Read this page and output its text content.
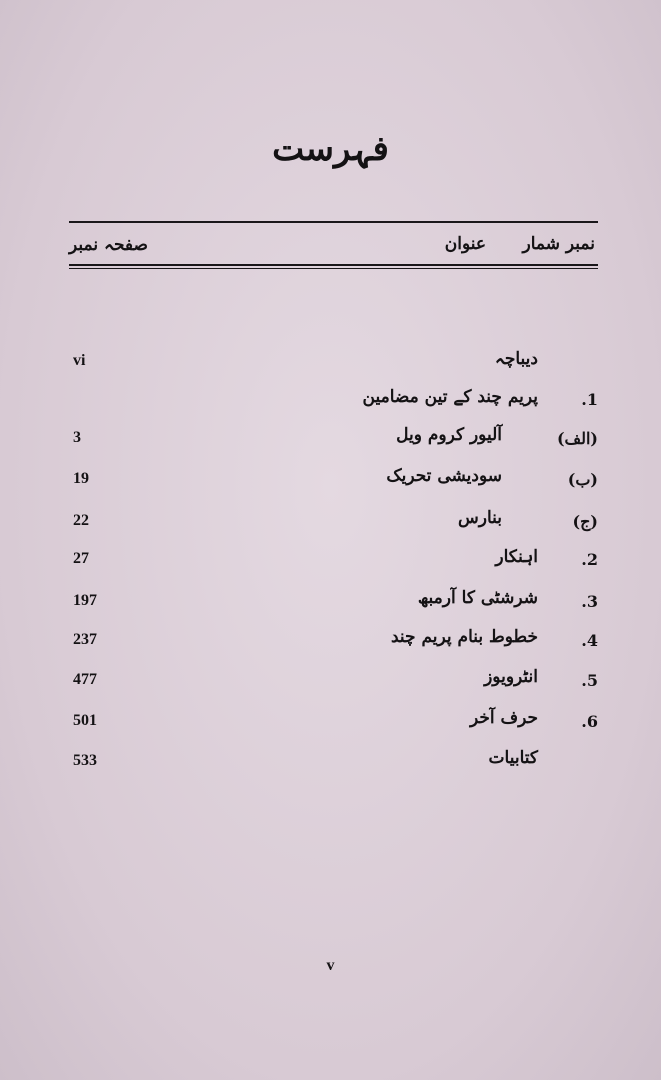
فہرست
نمبر شمار
عنوان
صفحہ نمبر
دیباچہ
vi
.1
پریم چند کے تین مضامین
(الف)
آلیور کروم ویل
3
(ب)
سودیشی تحریک
19
(ج)
بنارس
22
.2
اہنکار
27
.3
شرشٹی کا آرمبھ
197
.4
خطوط بنام پریم چند
237
.5
انٹرویوز
477
.6
حرف آخر
501
کتابیات
533
v
